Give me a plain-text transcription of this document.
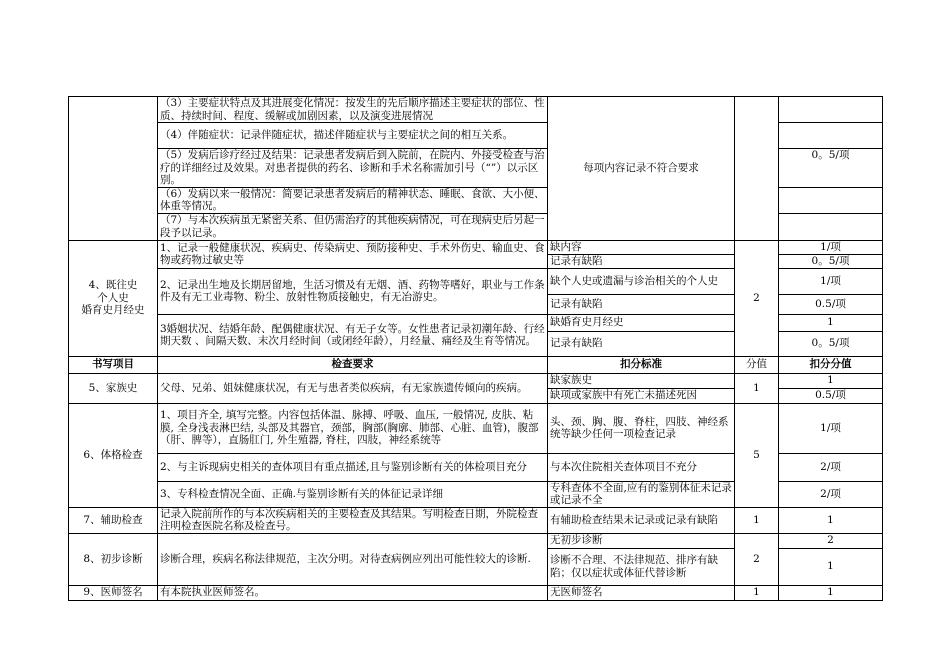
	（3）主要症状特点及其进展变化情况：按发生的先后顺序描述主要症状的部位、性质、持续时间、程度、缓解或加剧因素，以及演变进展情况	每项内容记录不符合要求		
	（4）伴随症状：记录伴随症状，描述伴随症状与主要症状之间的相互关系。			
	（5）发病后诊疗经过及结果：记录患者发病后到入院前，在院内、外接受检查与治疗的详细经过及效果。对患者提供的药名、诊断和手术名称需加引号（“”）以示区别。			0。5/项
	（6）发病以来一般情况：简要记录患者发病后的精神状态、睡眠、食欲、大小便、体重等情况。			
	（7）与本次疾病虽无紧密关系、但仍需治疗的其他疾病情况，可在现病史后另起一段予以记录。			

4、既往史
个人史
婚育史月经史	1、记录一般健康状况、疾病史、传染病史、预防接种史、手术外伤史、输血史、食物或药物过敏史等	缺内容	2	1/项
		记录有缺陷		0。5/项
	2、记录出生地及长期居留地，生活习惯及有无烟、酒、药物等嗜好，职业与工作条件及有无工业毒物、粉尘、放射性物质接触史，有无冶游史。	缺个人史或遗漏与诊治相关的个人史		1/项
		记录有缺陷		0.5/项
	3婚姻状况、结婚年龄、配偶健康状况、有无子女等。女性患者记录初潮年龄、行经期天数 、间隔天数、末次月经时间（或闭经年龄），月经量、痛经及生育等情况。	缺婚育史月经史		1
		记录有缺陷		0。5/项
书写项目	检查要求	扣分标准	分值	扣分分值
5、家族史	父母、兄弟、姐妹健康状况，有无与患者类似疾病，有无家族遗传倾向的疾病。	缺家族史	1	1
		缺项或家族中有死亡未描述死因		0.5/项
6、体格检查	1、项目齐全, 填写完整。内容包括体温、脉搏、呼吸、血压, 一般情况, 皮肤、粘膜, 全身浅表淋巴结, 头部及其器官，颈部，胸部(胸廓、肺部、心脏、血管)，腹部（肝、脾等），直肠肛门, 外生殖器, 脊柱，四肢，神经系统等	头、颈、胸、腹、脊柱，四肢、神经系统等缺少任何一项检查记录	5	1/项
	2、与主诉现病史相关的查体项目有重点描述,且与鉴别诊断有关的体检项目充分	与本次住院相关查体项目不充分		2/项
	3、专科检查情况全面、正确.与鉴别诊断有关的体征记录详细	专科查体不全面,应有的鉴别体征未记录或记录不全		2/项
7、辅助检查	记录入院前所作的与本次疾病相关的主要检查及其结果。写明检查日期，外院检查注明检查医院名称及检查号。	有辅助检查结果未记录或记录有缺陷	1	1
8、初步诊断	诊断合理，疾病名称法律规范，主次分明。对待查病例应列出可能性较大的诊断.	无初步诊断	2	2
		诊断不合理、不法律规范、排序有缺陷；仅以症状或体征代替诊断		1
9、医师签名	有本院执业医师签名。	无医师签名	1	1
